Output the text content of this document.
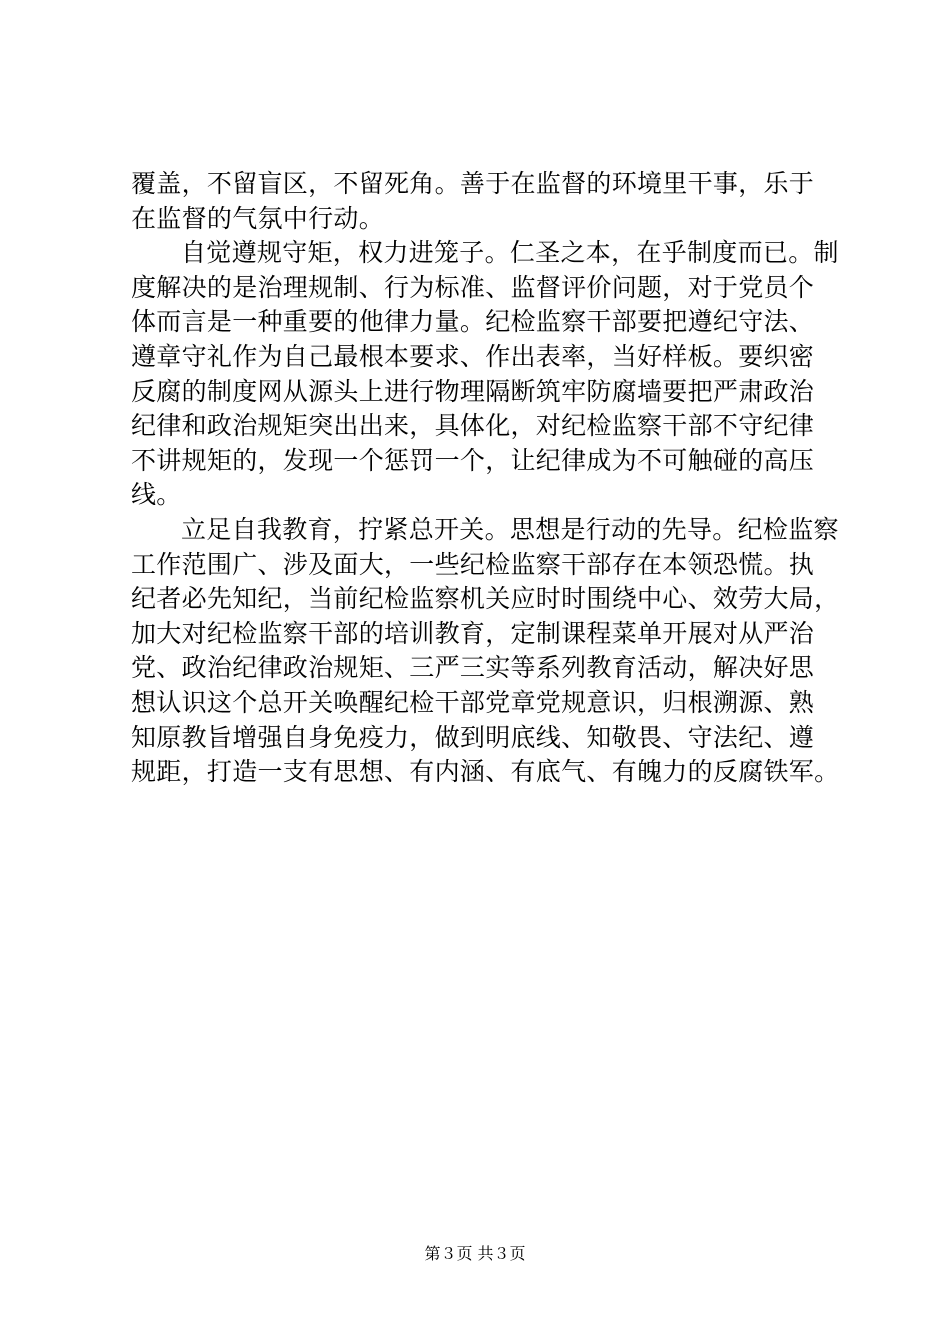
覆盖，不留盲区，不留死角。善于在监督的环境里干事，乐于
在监督的气氛中行动。
自觉遵规守矩，权力进笼子。仁圣之本，在乎制度而已。制
度解决的是治理规制、行为标准、监督评价问题，对于党员个
体而言是一种重要的他律力量。纪检监察干部要把遵纪守法、
遵章守礼作为自己最根本要求、作出表率，当好样板。要织密
反腐的制度网从源头上进行物理隔断筑牢防腐墙要把严肃政治
纪律和政治规矩突出出来，具体化，对纪检监察干部不守纪律
不讲规矩的，发现一个惩罚一个，让纪律成为不可触碰的高压
线。
立足自我教育，拧紧总开关。思想是行动的先导。纪检监察
工作范围广、涉及面大，一些纪检监察干部存在本领恐慌。执
纪者必先知纪，当前纪检监察机关应时时围绕中心、效劳大局，
加大对纪检监察干部的培训教育，定制课程菜单开展对从严治
党、政治纪律政治规矩、三严三实等系列教育活动，解决好思
想认识这个总开关唤醒纪检干部党章党规意识，归根溯源、熟
知原教旨增强自身免疫力，做到明底线、知敬畏、守法纪、遵
规距，打造一支有思想、有内涵、有底气、有魄力的反腐铁军。
第３页 共３页
